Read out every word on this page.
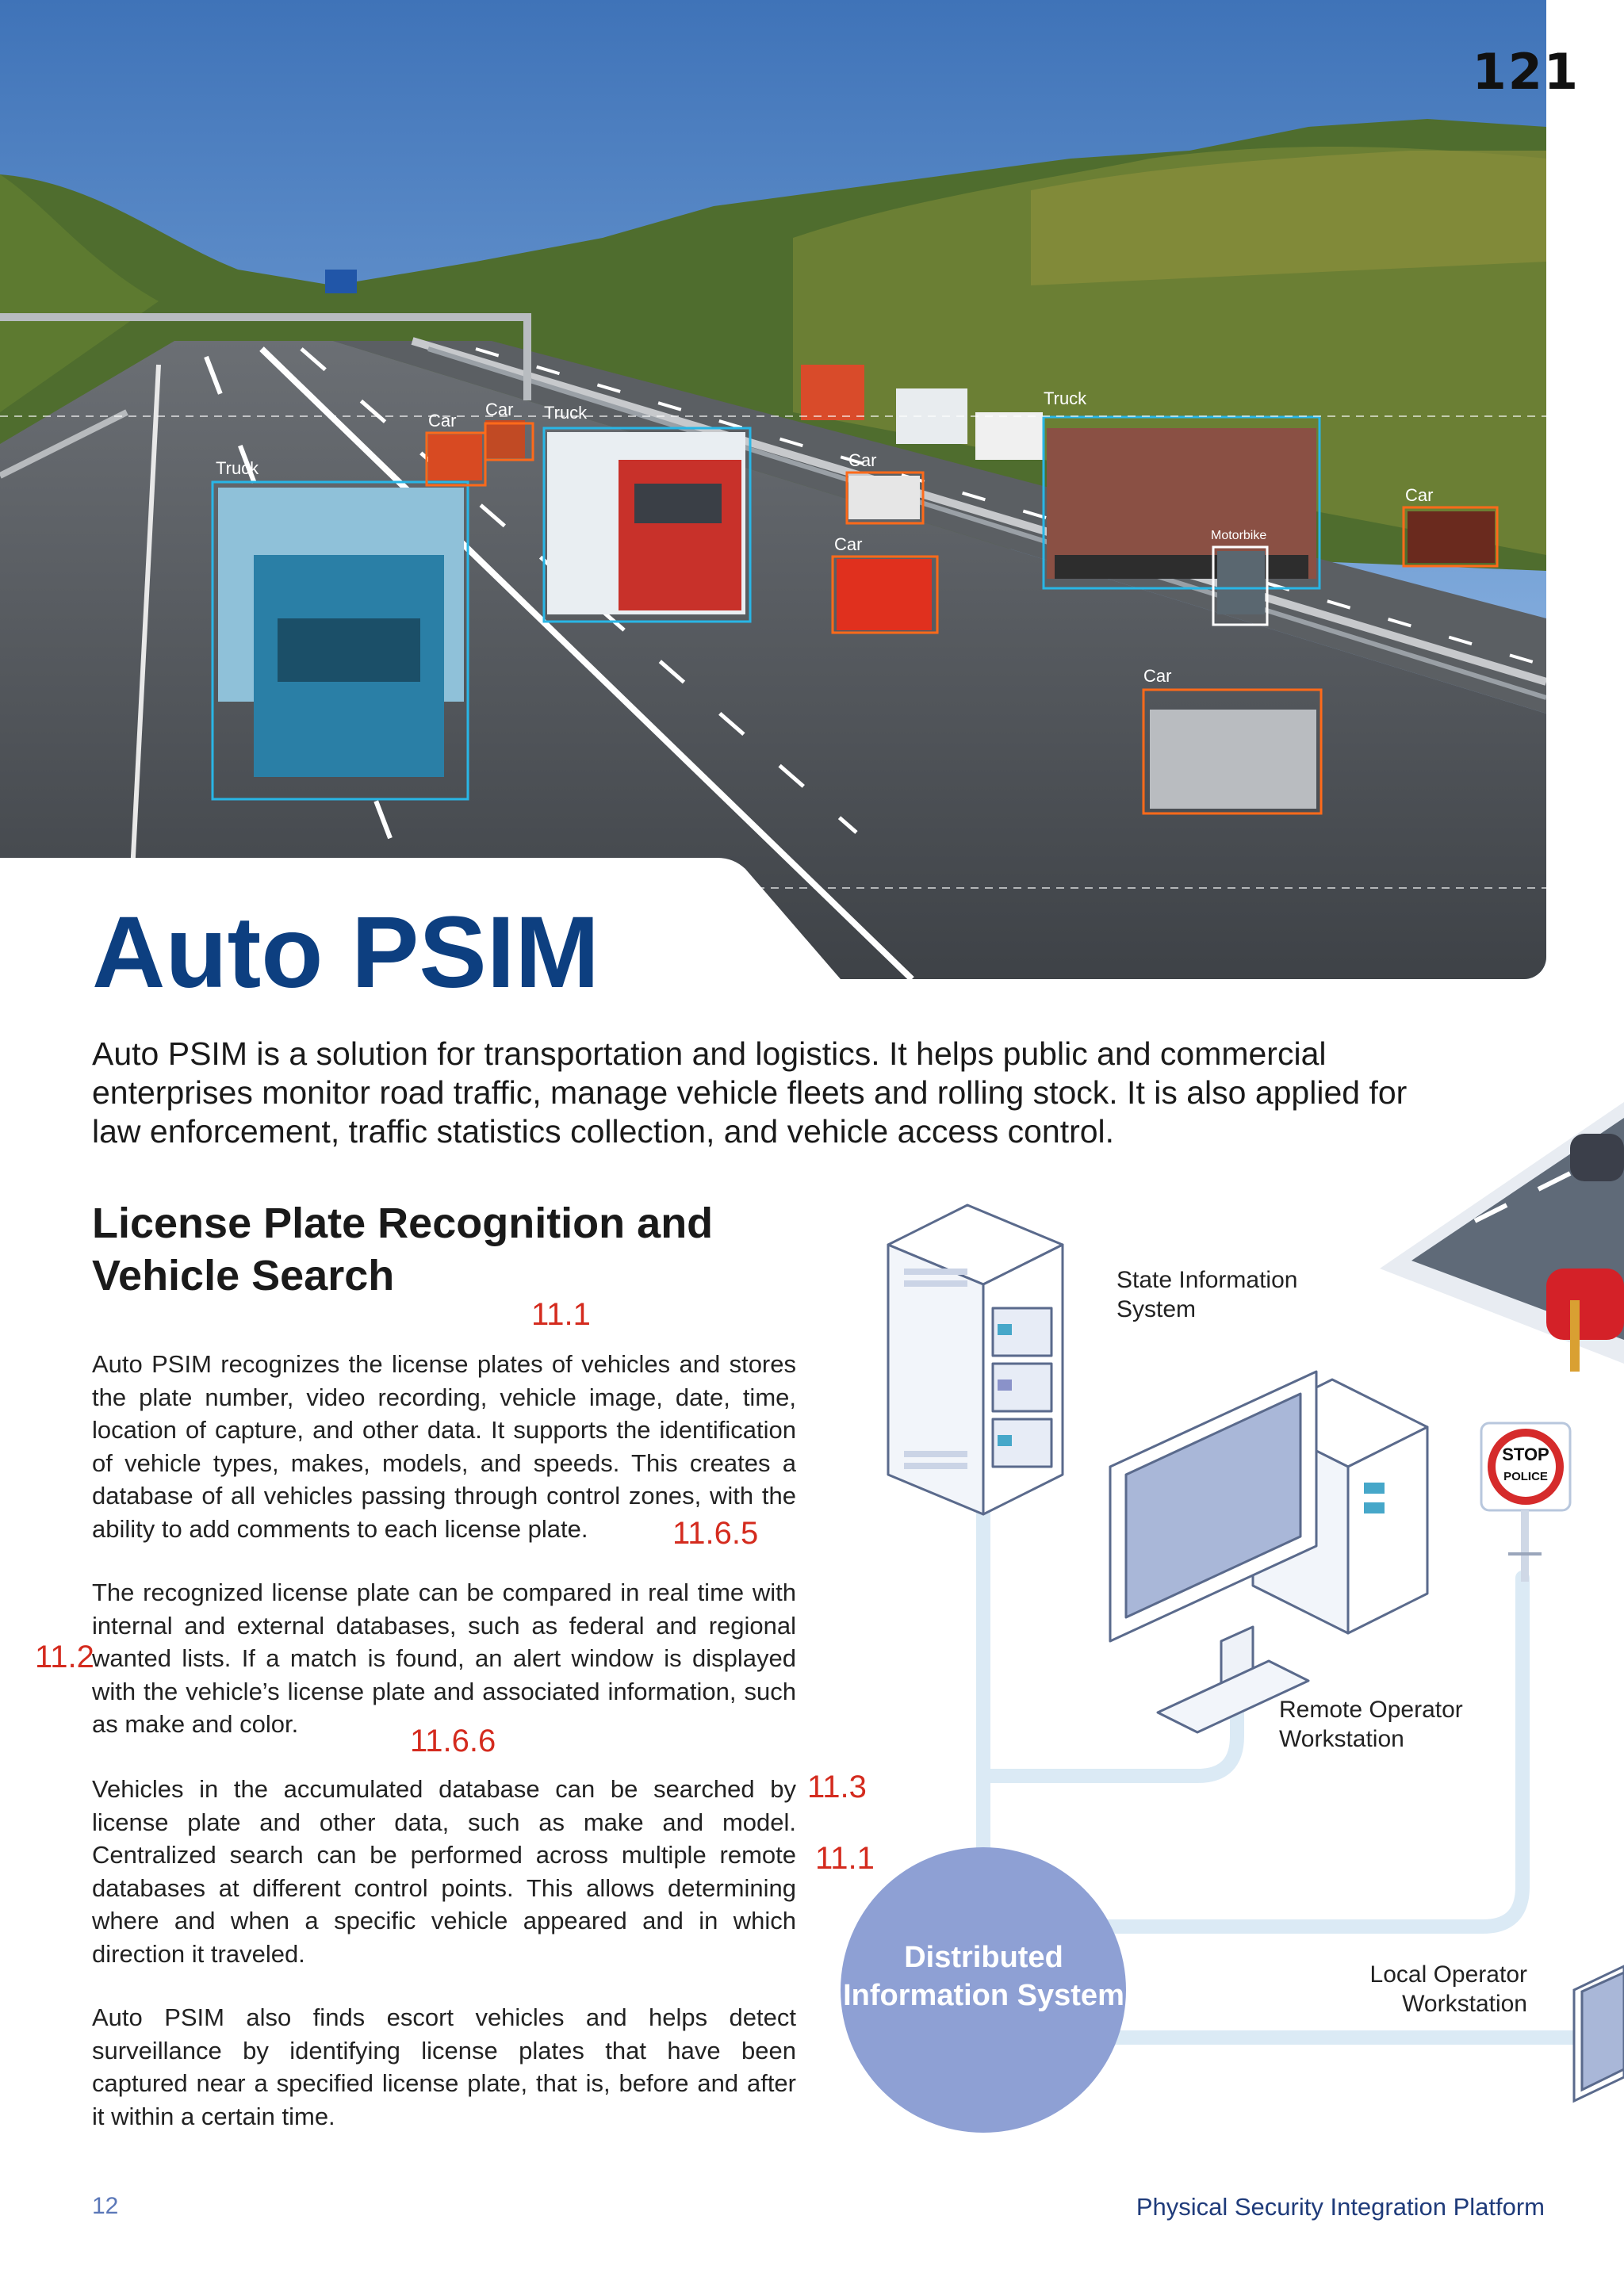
Truck
Truck
Truck
Car
Car
Car
Car
Car
Car
Motorbike
121
Auto PSIM
Auto PSIM is a solution for transportation and logistics. It helps public and commercial enterprises monitor road traffic, manage vehicle fleets and rolling stock. It is also applied for law enforcement, traffic statistics collection, and vehicle access control.
License Plate Recognition and Vehicle Search
Auto PSIM recognizes the license plates of vehicles and stores the plate number, video recording, vehicle image, date, time, location of capture, and other data. It supports the identification of vehicle types, makes, models, and speeds. This creates a database of all vehicles passing through control zones, with the ability to add comments to each license plate.
The recognized license plate can be compared in real time with internal and external databases, such as federal and regional wanted lists. If a match is found, an alert window is displayed with the vehicle’s license plate and associated information, such as make and color.
Vehicles in the accumulated database can be searched by license plate and other data, such as make and model. Centralized search can be performed across multiple remote databases at different control points. This allows determining where and when a specific vehicle appeared and in which direction it traveled.
Auto PSIM also finds escort vehicles and helps detect surveillance by identifying license plates that have been captured near a specified license plate, that is, before and after it within a certain time.
11.1
11.6.5
11.2
11.6.6
11.3
11.1
STOP
POLICE
State Information System
Remote Operator Workstation
Local Operator Workstation
Distributed Information System
12	Physical Security Integration Platform
